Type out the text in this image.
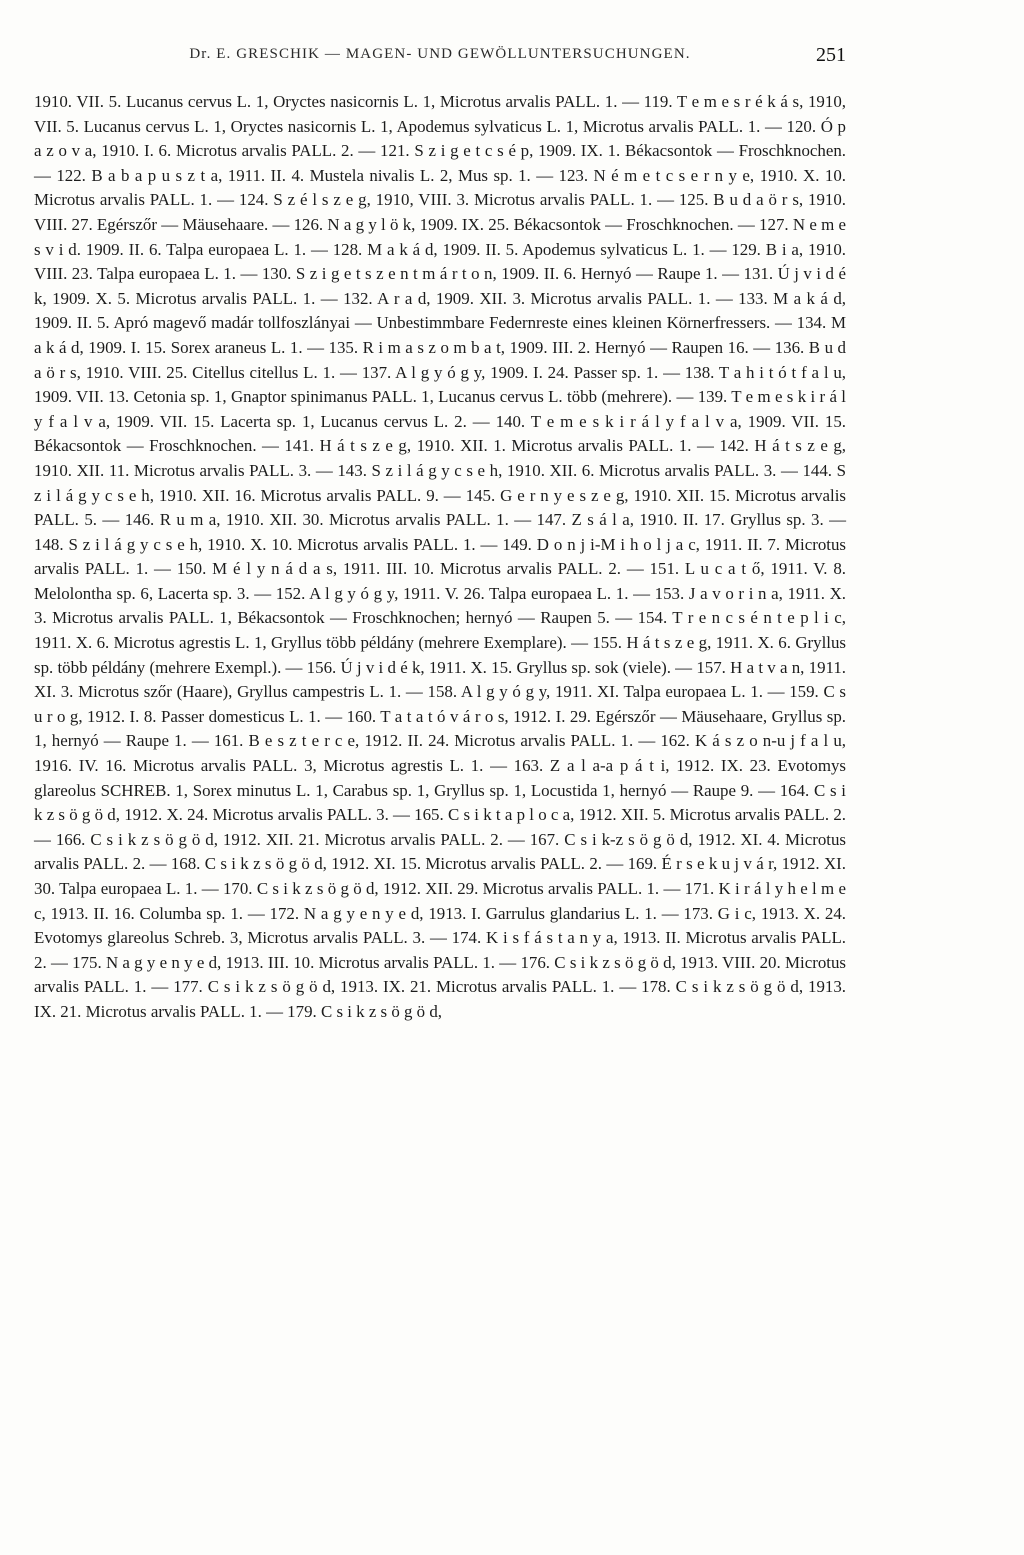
Dr. E. GRESCHIK — MAGEN- UND GEWÖLLUNTERSUCHUNGEN.	251

1910. VII. 5. Lucanus cervus L. 1, Oryctes nasicornis L. 1, Microtus arvalis PALL. 1. — 119. T e m e s r é k á s, 1910, VII. 5. Lucanus cervus L. 1, Oryctes nasicornis L. 1, Apodemus sylvaticus L. 1, Microtus arvalis PALL. 1. — 120. Ó p a z o v a, 1910. I. 6. Microtus arvalis PALL. 2. — 121. S z i g e t c s é p, 1909. IX. 1. Békacsontok — Froschknochen. — 122. B a b a p u s z t a, 1911. II. 4. Mustela nivalis L. 2, Mus sp. 1. — 123. N é m e t c s e r n y e, 1910. X. 10. Microtus arvalis PALL. 1. — 124. S z é l s z e g, 1910, VIII. 3. Microtus arvalis PALL. 1. — 125. B u d a ö r s, 1910. VIII. 27. Egérszőr — Mäusehaare. — 126. N a g y l ö k, 1909. IX. 25. Békacsontok — Froschknochen. — 127. N e m e s v i d. 1909. II. 6. Talpa europaea L. 1. — 128. M a k á d, 1909. II. 5. Apodemus sylvaticus L. 1. — 129. B i a, 1910. VIII. 23. Talpa europaea L. 1. — 130. S z i g e t s z e n t m á r t o n, 1909. II. 6. Hernyó — Raupe 1. — 131. Ú j v i d é k, 1909. X. 5. Microtus arvalis PALL. 1. — 132. A r a d, 1909. XII. 3. Microtus arvalis PALL. 1. — 133. M a k á d, 1909. II. 5. Apró magevő madár tollfoszlányai — Unbestimmbare Federnreste eines kleinen Körnerfressers. — 134. M a k á d, 1909. I. 15. Sorex araneus L. 1. — 135. R i m a s z o m b a t, 1909. III. 2. Hernyó — Raupen 16. — 136. B u d a ö r s, 1910. VIII. 25. Citellus citellus L. 1. — 137. A l g y ó g y, 1909. I. 24. Passer sp. 1. — 138. T a h i t ó t f a l u, 1909. VII. 13. Cetonia sp. 1, Gnaptor spinimanus PALL. 1, Lucanus cervus L. több (mehrere). — 139. T e m e s k i r á l y f a l v a, 1909. VII. 15. Lacerta sp. 1, Lucanus cervus L. 2. — 140. T e m e s k i r á l y f a l v a, 1909. VII. 15. Békacsontok — Froschknochen. — 141. H á t s z e g, 1910. XII. 1. Microtus arvalis PALL. 1. — 142. H á t s z e g, 1910. XII. 11. Microtus arvalis PALL. 3. — 143. S z i l á g y c s e h, 1910. XII. 6. Microtus arvalis PALL. 3. — 144. S z i l á g y c s e h, 1910. XII. 16. Microtus arvalis PALL. 9. — 145. G e r n y e s z e g, 1910. XII. 15. Microtus arvalis PALL. 5. — 146. R u m a, 1910. XII. 30. Microtus arvalis PALL. 1. — 147. Z s á l a, 1910. II. 17. Gryllus sp. 3. — 148. S z i l á g y c s e h, 1910. X. 10. Microtus arvalis PALL. 1. — 149. D o n j i-M i h o l j a c, 1911. II. 7. Microtus arvalis PALL. 1. — 150. M é l y n á d a s, 1911. III. 10. Microtus arvalis PALL. 2. — 151. L u c a t ő, 1911. V. 8. Melolontha sp. 6, Lacerta sp. 3. — 152. A l g y ó g y, 1911. V. 26. Talpa europaea L. 1. — 153. J a v o r i n a, 1911. X. 3. Microtus arvalis PALL. 1, Békacsontok — Froschknochen; hernyó — Raupen 5. — 154. T r e n c s é n t e p l i c, 1911. X. 6. Microtus agrestis L. 1, Gryllus több példány (mehrere Exemplare). — 155. H á t s z e g, 1911. X. 6. Gryllus sp. több példány (mehrere Exempl.). — 156. Ú j v i d é k, 1911. X. 15. Gryllus sp. sok (viele). — 157. H a t v a n, 1911. XI. 3. Microtus szőr (Haare), Gryllus campestris L. 1. — 158. A l g y ó g y, 1911. XI. Talpa europaea L. 1. — 159. C s u r o g, 1912. I. 8. Passer domesticus L. 1. — 160. T a t a t ó v á r o s, 1912. I. 29. Egérszőr — Mäusehaare, Gryllus sp. 1, hernyó — Raupe 1. — 161. B e s z t e r c e, 1912. II. 24. Microtus arvalis PALL. 1. — 162. K á s z o n-u j f a l u, 1916. IV. 16. Microtus arvalis PALL. 3, Microtus agrestis L. 1. — 163. Z a l a-a p á t i, 1912. IX. 23. Evotomys glareolus SCHREB. 1, Sorex minutus L. 1, Carabus sp. 1, Gryllus sp. 1, Locustida 1, hernyó — Raupe 9. — 164. C s i k z s ö g ö d, 1912. X. 24. Microtus arvalis PALL. 3. — 165. C s i k t a p l o c a, 1912. XII. 5. Microtus arvalis PALL. 2. — 166. C s i k z s ö g ö d, 1912. XII. 21. Microtus arvalis PALL. 2. — 167. C s i k-z s ö g ö d, 1912. XI. 4. Microtus arvalis PALL. 2. — 168. C s i k z s ö g ö d, 1912. XI. 15. Microtus arvalis PALL. 2. — 169. É r s e k u j v á r, 1912. XI. 30. Talpa europaea L. 1. — 170. C s i k z s ö g ö d, 1912. XII. 29. Microtus arvalis PALL. 1. — 171. K i r á l y h e l m e c, 1913. II. 16. Columba sp. 1. — 172. N a g y e n y e d, 1913. I. Garrulus glandarius L. 1. — 173. G i c, 1913. X. 24. Evotomys glareolus Schreb. 3, Microtus arvalis PALL. 3. — 174. K i s f á s t a n y a, 1913. II. Microtus arvalis PALL. 2. — 175. N a g y e n y e d, 1913. III. 10. Microtus arvalis PALL. 1. — 176. C s i k z s ö g ö d, 1913. VIII. 20. Microtus arvalis PALL. 1. — 177. C s i k z s ö g ö d, 1913. IX. 21. Microtus arvalis PALL. 1. — 178. C s i k z s ö g ö d, 1913. IX. 21. Microtus arvalis PALL. 1. — 179. C s i k z s ö g ö d,
